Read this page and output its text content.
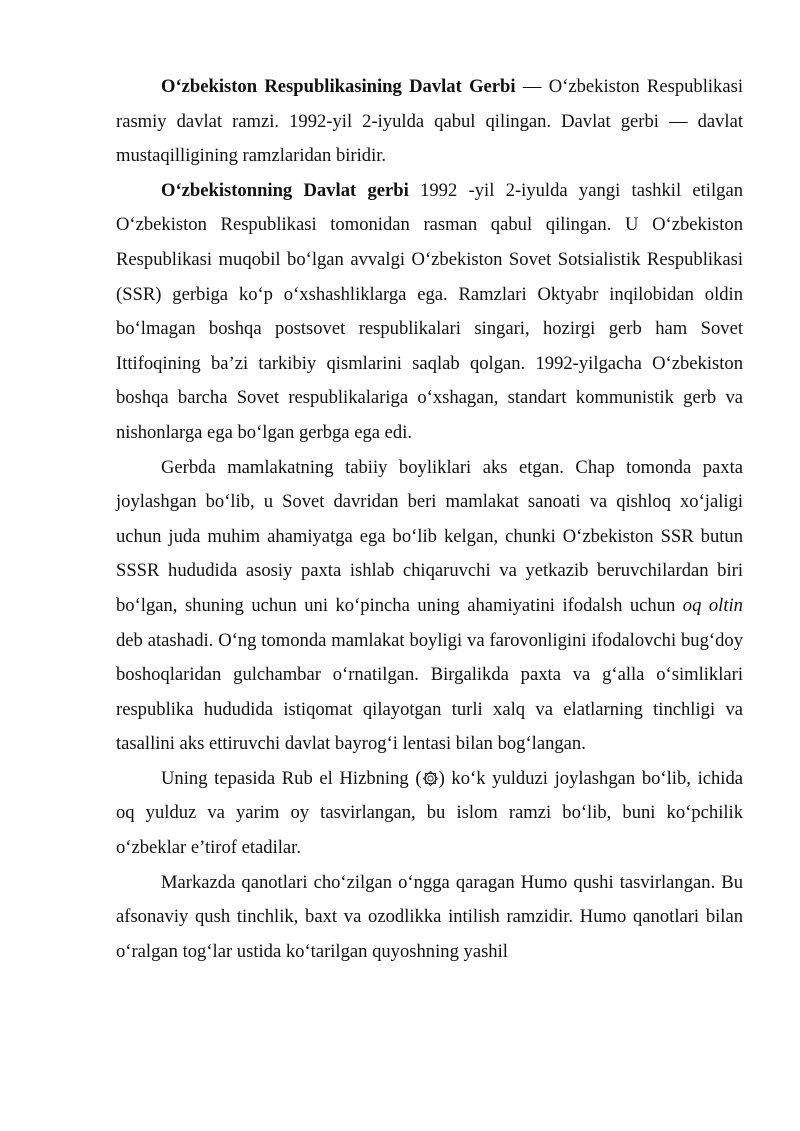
O‘zbekiston Respublikasining Davlat Gerbi — O‘zbekiston Respublikasi rasmiy davlat ramzi. 1992-yil 2-iyulda qabul qilingan. Davlat gerbi — davlat mustaqilligining ramzlaridan biridir.

O‘zbekistonning Davlat gerbi 1992 -yil 2-iyulda yangi tashkil etilgan O‘zbekiston Respublikasi tomonidan rasman qabul qilingan. U O‘zbekiston Respublikasi muqobil bo‘lgan avvalgi O‘zbekiston Sovet Sotsialistik Respublikasi (SSR) gerbiga ko‘p o‘xshashliklarga ega. Ramzlari Oktyabr inqilobidan oldin bo‘lmagan boshqa postsovet respublikalari singari, hozirgi gerb ham Sovet Ittifoqining ba’zi tarkibiy qismlarini saqlab qolgan. 1992-yilgacha O‘zbekiston boshqa barcha Sovet respublikalariga o‘xshagan, standart kommunistik gerb va nishonlarga ega bo‘lgan gerbga ega edi.

Gerbda mamlakatning tabiiy boyliklari aks etgan. Chap tomonda paxta joylashgan bo‘lib, u Sovet davridan beri mamlakat sanoati va qishloq xo‘jaligi uchun juda muhim ahamiyatga ega bo‘lib kelgan, chunki O‘zbekiston SSR butun SSSR hududida asosiy paxta ishlab chiqaruvchi va yetkazib beruvchilardan biri bo‘lgan, shuning uchun uni ko‘pincha uning ahamiyatini ifodalsh uchun oq oltin deb atashadi. O‘ng tomonda mamlakat boyligi va farovonligini ifodalovchi bug‘doy boshoqlaridan gulchambar o‘rnatilgan. Birgalikda paxta va g‘alla o‘simliklari respublika hududida istiqomat qilayotgan turli xalq va elatlarning tinchligi va tasallini aks ettiruvchi davlat bayrog‘i lentasi bilan bog‘langan.

Uning tepasida Rub el Hizbning ( ) ko‘k yulduzi joylashgan bo‘lib, ichida oq yulduz va yarim oy tasvirlangan, bu islom ramzi bo‘lib, buni ko‘pchilik o‘zbeklar e’tirof etadilar.

Markazda qanotlari cho‘zilgan o‘ngga qaragan Humo qushi tasvirlangan. Bu afsonaviy qush tinchlik, baxt va ozodlikka intilish ramzidir. Humo qanotlari bilan o‘ralgan tog‘lar ustida ko‘tarilgan quyoshning yashil
